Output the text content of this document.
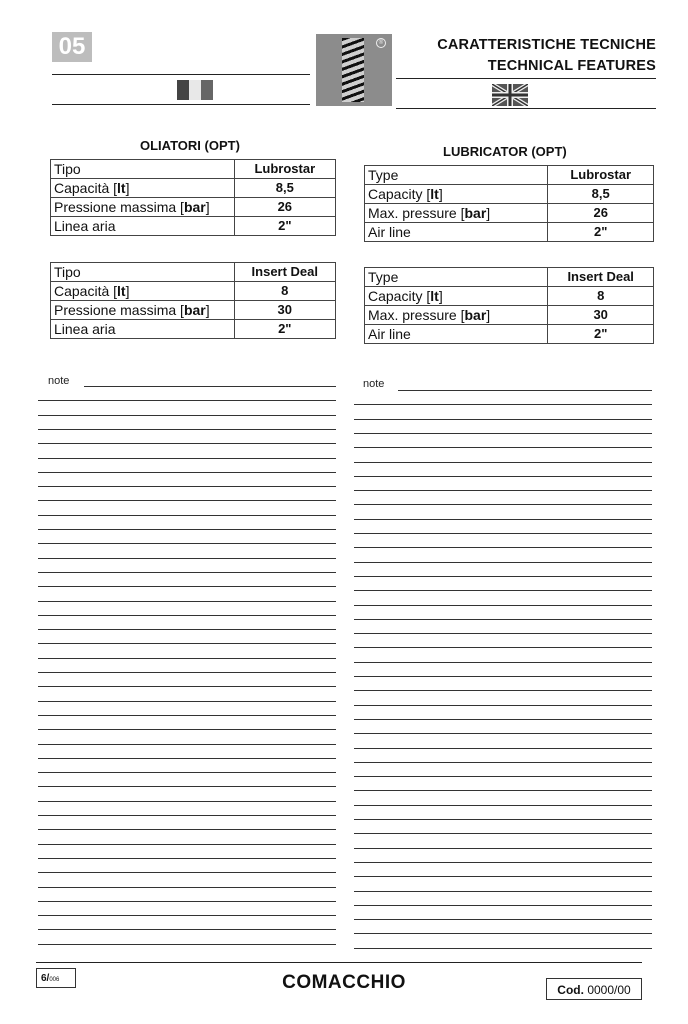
05	®	CARATTERISTICHE TECNICHE
TECHNICAL FEATURES
OLIATORI (OPT)	LUBRICATOR (OPT)
Tipo	Lubrostar
Capacità [lt]	8,5
Pressione massima [bar]	26
Linea aria	2"
Tipo	Insert Deal
Capacità [lt]	8
Pressione massima [bar]	30
Linea aria	2"
Type	Lubrostar
Capacity [lt]	8,5
Max. pressure [bar]	26
Air line	2"
Type	Insert Deal
Capacity [lt]	8
Max. pressure [bar]	30
Air line	2"
note	note
6/006	COMACCHIO	Cod. 0000/00
